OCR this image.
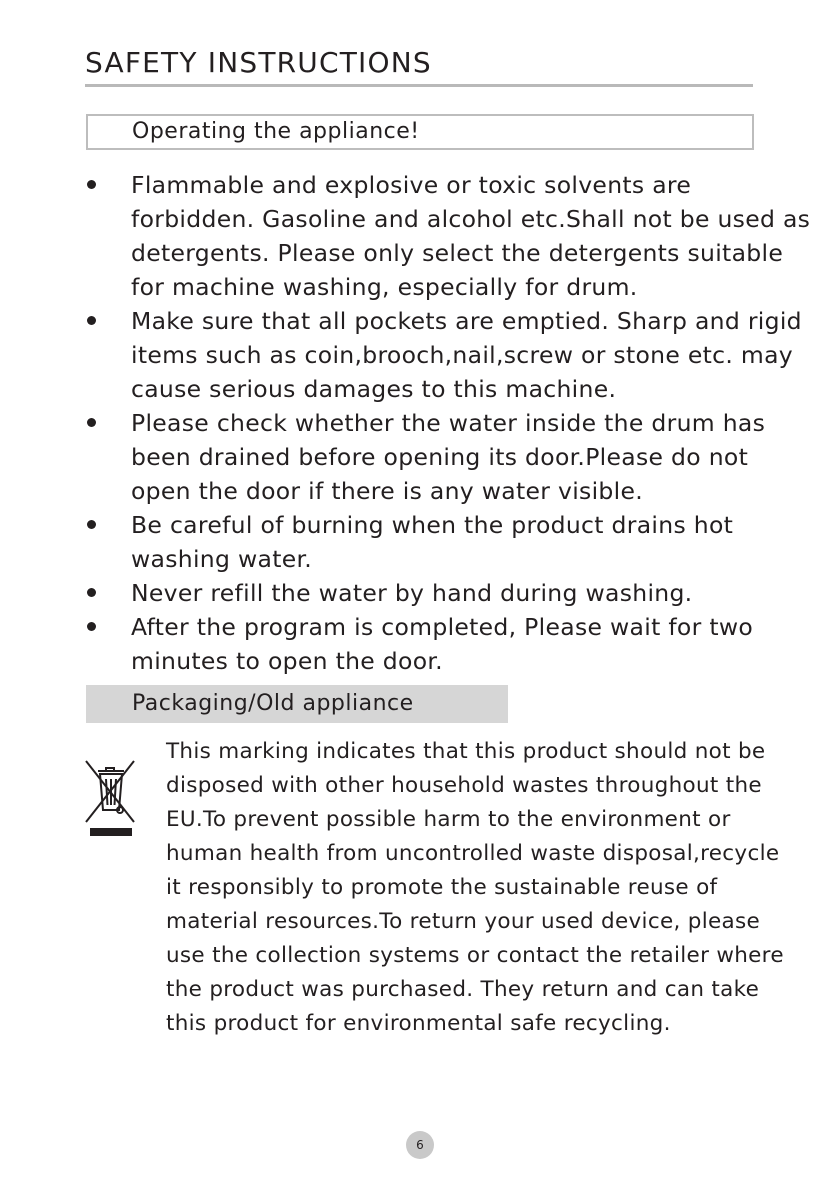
SAFETY INSTRUCTIONS
Operating the appliance!
Flammable and explosive or toxic solvents are forbidden. Gasoline and alcohol etc.Shall not be used as detergents. Please only select the detergents suitable for machine washing, especially for drum.
Make sure that all pockets are emptied. Sharp and rigid items such as coin,brooch,nail,screw or stone etc. may cause serious damages to this machine.
Please check whether the water inside the drum has been drained before opening its door.Please do not open the door if there is any water visible.
Be careful of burning when the product drains hot washing water.
Never refill the water by hand during washing.
After the program is completed, Please wait for two minutes to open the door.
Packaging/Old appliance

This marking indicates that this product should not be disposed with other household wastes throughout the EU.To prevent possible harm to the environment or human health from uncontrolled waste disposal,recycle it responsibly to promote the sustainable reuse of material resources.To return your used device, please use the collection systems or contact the retailer where the product was purchased. They return and can take this product for environmental safe recycling.

6
